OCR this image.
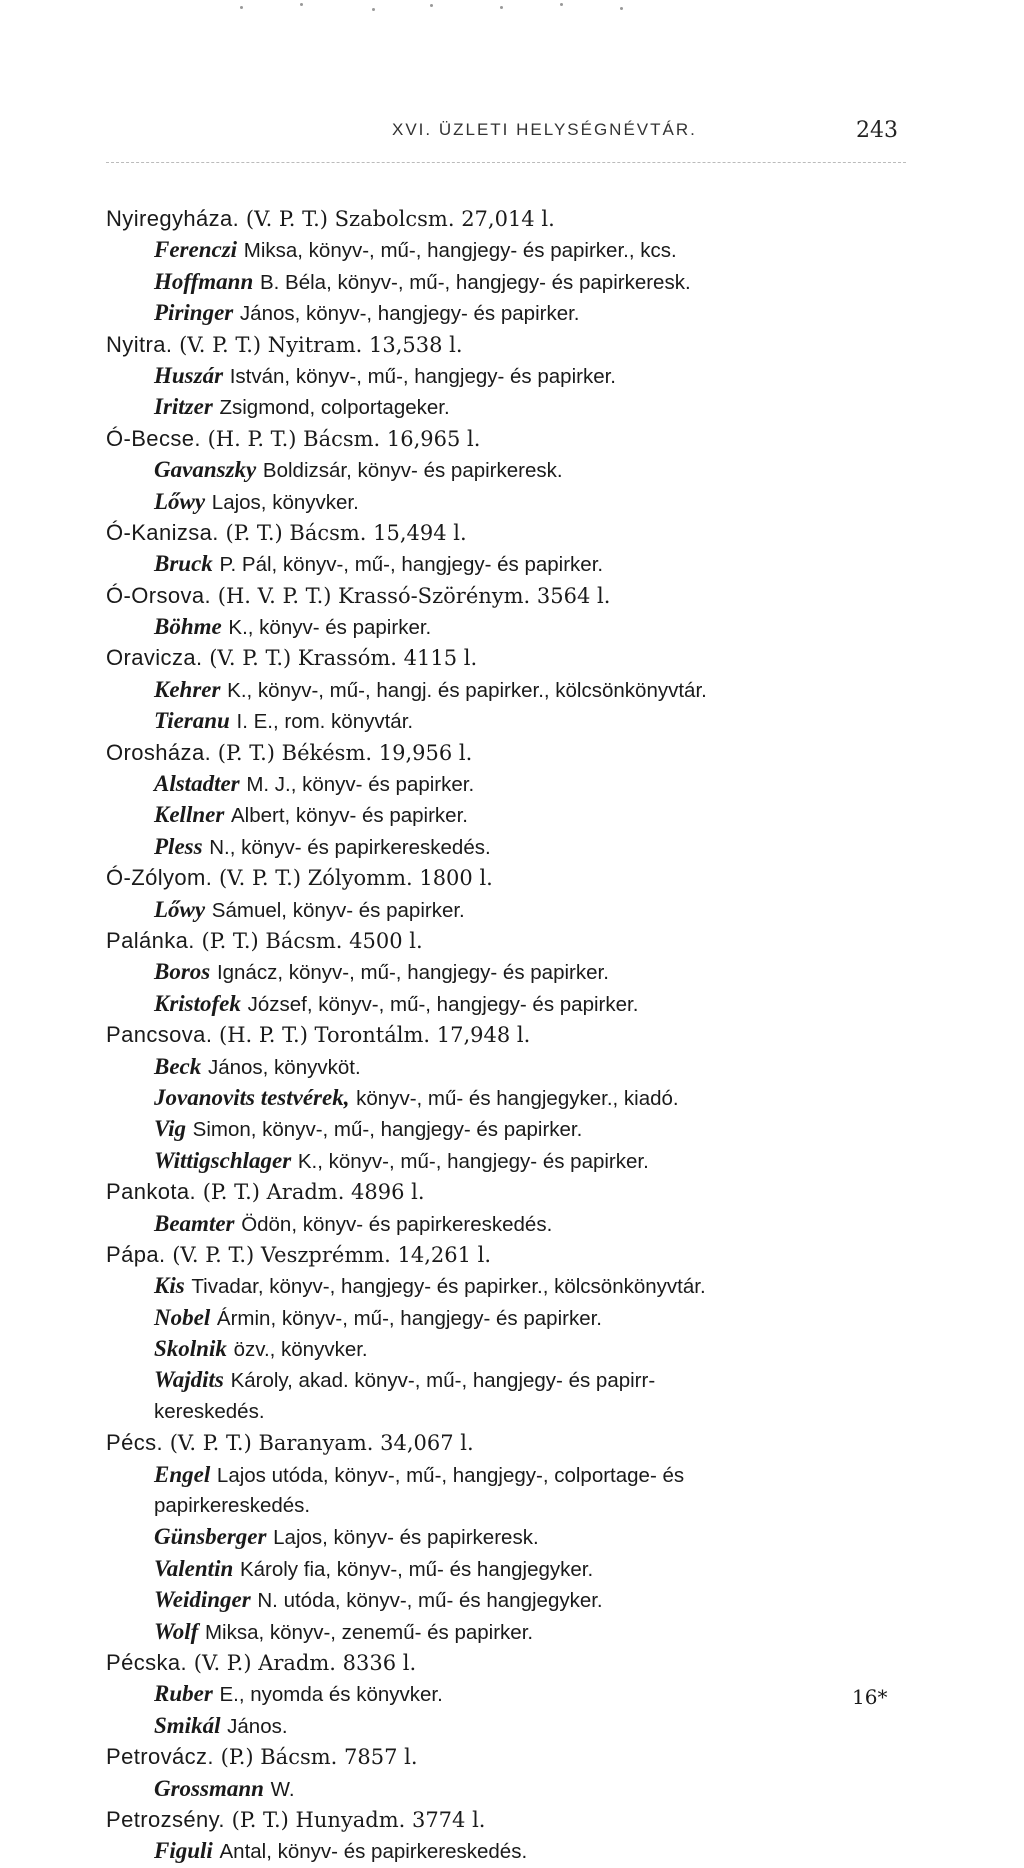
XVI. ÜZLETI HELYSÉGNÉVTÁR.	243
Nyiregyháza. (V. P. T.) Szabolcsm. 27,014 l.
Ferenczi Miksa, könyv-, mű-, hangjegy- és papirker., kcs.
Hoffmann B. Béla, könyv-, mű-, hangjegy- és papirkeresk.
Piringer János, könyv-, hangjegy- és papirker.
Nyitra. (V. P. T.) Nyitram. 13,538 l.
Huszár István, könyv-, mű-, hangjegy- és papirker.
Iritzer Zsigmond, colportageker.
Ó-Becse. (H. P. T.) Bácsm. 16,965 l.
Gavanszky Boldizsár, könyv- és papirkeresk.
Lőwy Lajos, könyvker.
Ó-Kanizsa. (P. T.) Bácsm. 15,494 l.
Bruck P. Pál, könyv-, mű-, hangjegy- és papirker.
Ó-Orsova. (H. V. P. T.) Krassó-Szörénym. 3564 l.
Böhme K., könyv- és papirker.
Oravicza. (V. P. T.) Krassóm. 4115 l.
Kehrer K., könyv-, mű-, hangj. és papirker., kölcsönkönyvtár.
Tieranu I. E., rom. könyvtár.
Orosháza. (P. T.) Békésm. 19,956 l.
Alstadter M. J., könyv- és papirker.
Kellner Albert, könyv- és papirker.
Pless N., könyv- és papirkereskedés.
Ó-Zólyom. (V. P. T.) Zólyomm. 1800 l.
Lőwy Sámuel, könyv- és papirker.
Palánka. (P. T.) Bácsm. 4500 l.
Boros Ignácz, könyv-, mű-, hangjegy- és papirker.
Kristofek József, könyv-, mű-, hangjegy- és papirker.
Pancsova. (H. P. T.) Torontálm. 17,948 l.
Beck János, könyvköt.
Jovanovits testvérek, könyv-, mű- és hangjegyker., kiadó.
Vig Simon, könyv-, mű-, hangjegy- és papirker.
Wittigschlager K., könyv-, mű-, hangjegy- és papirker.
Pankota. (P. T.) Aradm. 4896 l.
Beamter Ödön, könyv- és papirkereskedés.
Pápa. (V. P. T.) Veszprémm. 14,261 l.
Kis Tivadar, könyv-, hangjegy- és papirker., kölcsönkönyvtár.
Nobel Ármin, könyv-, mű-, hangjegy- és papirker.
Skolnik özv., könyvker.
Wajdits Károly, akad. könyv-, mű-, hangjegy- és papirr-
kereskedés.
Pécs. (V. P. T.) Baranyam. 34,067 l.
Engel Lajos utóda, könyv-, mű-, hangjegy-, colportage- és
papirkereskedés.
Günsberger Lajos, könyv- és papirkeresk.
Valentin Károly fia, könyv-, mű- és hangjegyker.
Weidinger N. utóda, könyv-, mű- és hangjegyker.
Wolf Miksa, könyv-, zenemű- és papirker.
Pécska. (V. P.) Aradm. 8336 l.
Ruber E., nyomda és könyvker.
Smikál János.
Petrovácz. (P.) Bácsm. 7857 l.
Grossmann W.
Petrozsény. (P. T.) Hunyadm. 3774 l.
Figuli Antal, könyv- és papirkereskedés.
16*
